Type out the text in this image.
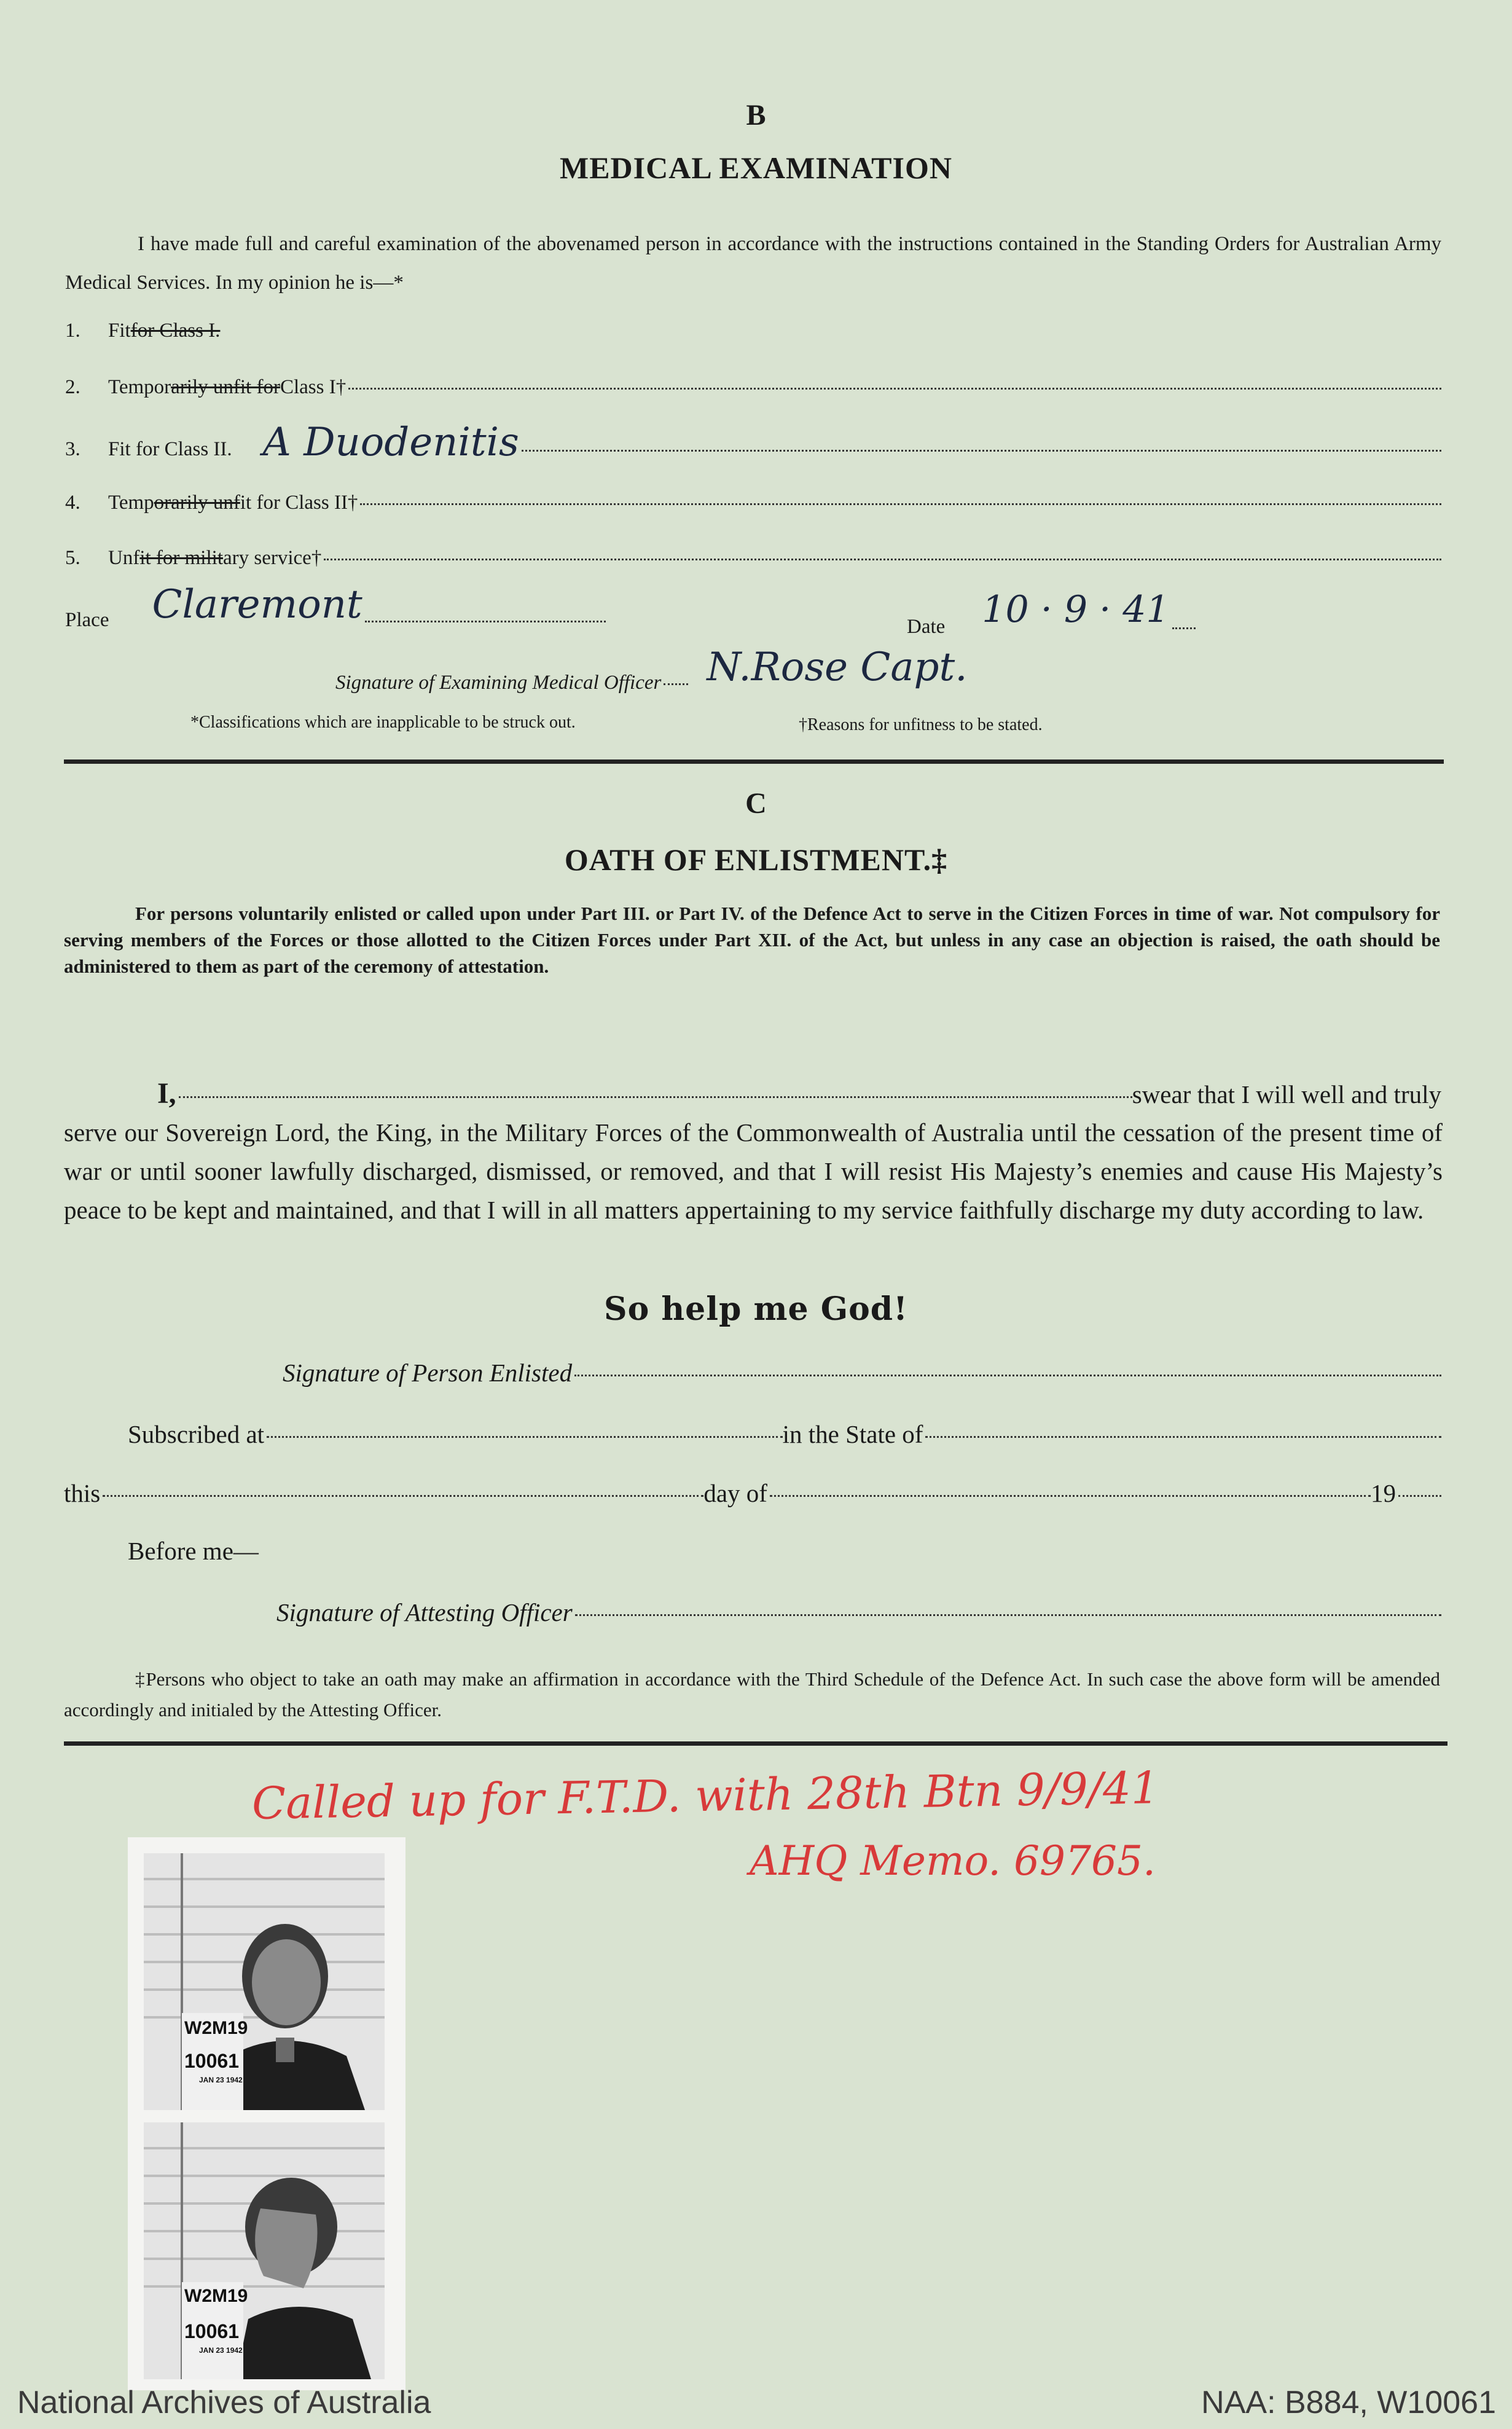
B
MEDICAL EXAMINATION
I have made full and careful examination of the abovenamed person in accordance with the instructions contained in the Standing Orders for Australian Army Medical Services. In my opinion he is—*
1.	Fit for Class I.
2.	Tempor arily unfit for Class I†
3.	Fit for Class II. A Duodenitis
4.	Temp orarily unf it for Class II†
5.	Unf it for milit ary service†
Place Claremont	Date 10 · 9 · 41
Signature of Examining Medical Officer N.Rose Capt.
*Classifications which are inapplicable to be struck out.	†Reasons for unfitness to be stated.
C
OATH OF ENLISTMENT.‡
For persons voluntarily enlisted or called upon under Part III. or Part IV. of the Defence Act to serve in the Citizen Forces in time of war. Not compulsory for serving members of the Forces or those allotted to the Citizen Forces under Part XII. of the Act, but unless in any case an objection is raised, the oath should be administered to them as part of the ceremony of attestation.
I,	swear that I will well and truly
serve our Sovereign Lord, the King, in the Military Forces of the Commonwealth of Australia until the cessation of the present time of war or until sooner lawfully discharged, dismissed, or removed, and that I will resist His Majesty’s enemies and cause His Majesty’s peace to be kept and maintained, and that I will in all matters appertaining to my service faithfully discharge my duty according to law.
So help me God!
Signature of Person Enlisted
Subscribed at	in the State of
this	day of	19
Before me—
Signature of Attesting Officer
‡Persons who object to take an oath may make an affirmation in accordance with the Third Schedule of the Defence Act. In such case the above form will be amended accordingly and initialed by the Attesting Officer.
Called up for F.T.D. with 28th Btn 9/9/41
AHQ Memo. 69765.
W2M19
10061
JAN 23 1942
W2M19
10061
JAN 23 1942
National Archives of Australia	NAA: B884, W10061
